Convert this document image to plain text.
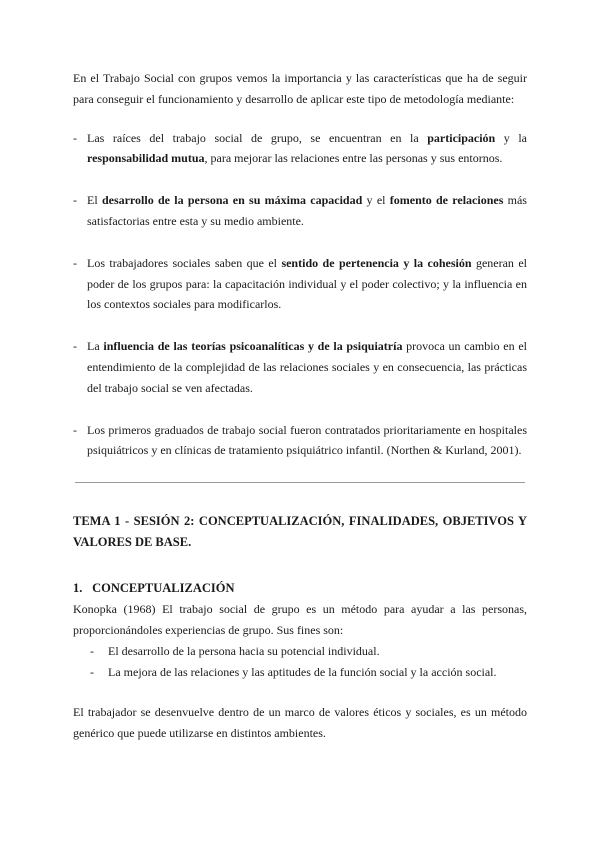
En el Trabajo Social con grupos vemos la importancia y las características que ha de seguir para conseguir el funcionamiento y desarrollo de aplicar este tipo de metodología mediante:

- Las raíces del trabajo social de grupo, se encuentran en la participación y la responsabilidad mutua, para mejorar las relaciones entre las personas y sus entornos.
- El desarrollo de la persona en su máxima capacidad y el fomento de relaciones más satisfactorias entre esta y su medio ambiente.
- Los trabajadores sociales saben que el sentido de pertenencia y la cohesión generan el poder de los grupos para: la capacitación individual y el poder colectivo; y la influencia en los contextos sociales para modificarlos.
- La influencia de las teorías psicoanalíticas y de la psiquiatría provoca un cambio en el entendimiento de la complejidad de las relaciones sociales y en consecuencia, las prácticas del trabajo social se ven afectadas.
- Los primeros graduados de trabajo social fueron contratados prioritariamente en hospitales psiquiátricos y en clínicas de tratamiento psiquiátrico infantil. (Northen & Kurland, 2001).
TEMA 1 - SESIÓN 2: CONCEPTUALIZACIÓN, FINALIDADES, OBJETIVOS Y VALORES DE BASE.
1. CONCEPTUALIZACIÓN

Konopka (1968) El trabajo social de grupo es un método para ayudar a las personas, proporcionándoles experiencias de grupo. Sus fines son:

- El desarrollo de la persona hacia su potencial individual.
- La mejora de las relaciones y las aptitudes de la función social y la acción social.

El trabajador se desenvuelve dentro de un marco de valores éticos y sociales, es un método genérico que puede utilizarse en distintos ambientes.
